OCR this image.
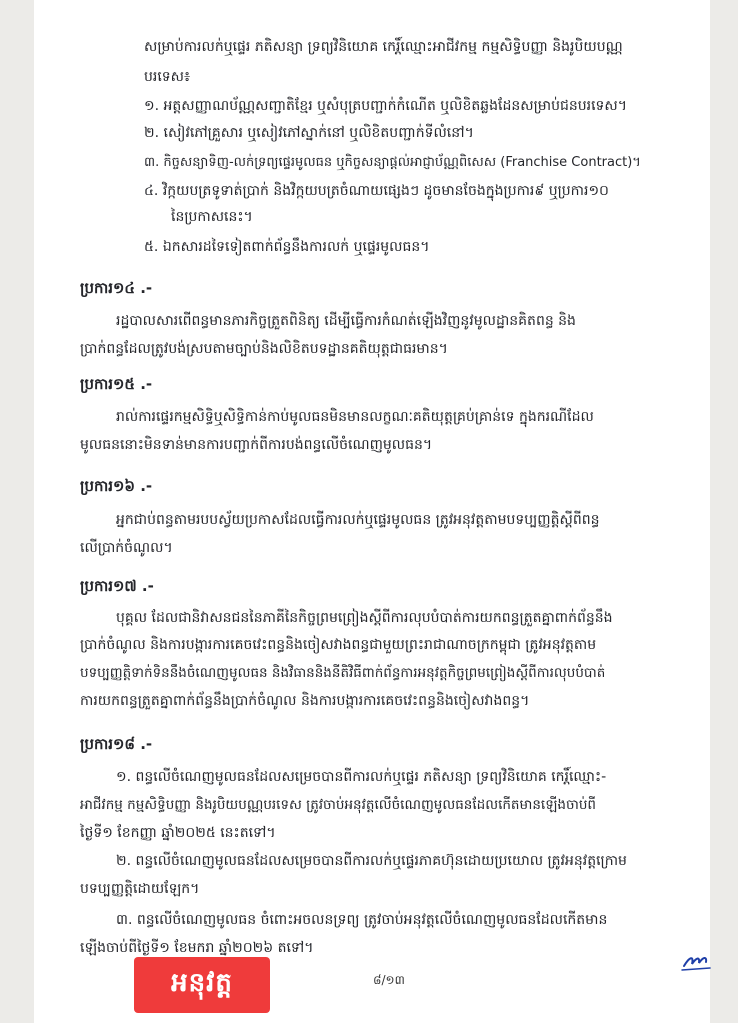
សម្រាប់ការលក់ឬផ្ទេរ ភតិសន្យា ទ្រព្យវិនិយោគ កេរ្តិ៍ឈ្មោះអាជីវកម្ម កម្មសិទ្ធិបញ្ញា និងរូបិយបណ្ណ
បរទេស៖
១. អត្តសញ្ញាណប័ណ្ណសញ្ជាតិខ្មែរ ឬសំបុត្របញ្ជាក់កំណើត ឬលិខិតឆ្លងដែនសម្រាប់ជនបរទេស។
២. សៀវភៅគ្រួសារ ឬសៀវភៅស្នាក់នៅ ឬលិខិតបញ្ជាក់ទីលំនៅ។
៣. កិច្ចសន្យាទិញ-លក់ទ្រព្យផ្ទេរមូលធន ឬកិច្ចសន្យាផ្ដល់អាជ្ញាប័ណ្ណពិសេស (Franchise Contract)។
៤. វិក្កយបត្រទូទាត់ប្រាក់ និងវិក្កយបត្រចំណាយផ្សេងៗ ដូចមានចែងក្នុងប្រការ៩ ឬប្រការ១០
នៃប្រកាសនេះ។
៥. ឯកសារដទៃទៀតពាក់ព័ន្ធនឹងការលក់ ឬផ្ទេរមូលធន។
ប្រការ១៤ .-
រដ្ឋបាលសារពើពន្ធមានភារកិច្ចត្រួតពិនិត្យ ដើម្បីធ្វើការកំណត់ឡើងវិញនូវមូលដ្ឋានគិតពន្ធ និង
ប្រាក់ពន្ធដែលត្រូវបង់ស្របតាមច្បាប់និងលិខិតបទដ្ឋានគតិយុត្តជាធរមាន។
ប្រការ១៥ .-
រាល់ការផ្ទេរកម្មសិទ្ធិឬសិទ្ធិកាន់កាប់មូលធនមិនមានលក្ខណៈគតិយុត្តគ្រប់គ្រាន់ទេ ក្នុងករណីដែល
មូលធននោះមិនទាន់មានការបញ្ជាក់ពីការបង់ពន្ធលើចំណេញមូលធន។
ប្រការ១៦ .-
អ្នកជាប់ពន្ធតាមរបបស្វ័យប្រកាសដែលធ្វើការលក់ឬផ្ទេរមូលធន ត្រូវអនុវត្តតាមបទប្បញ្ញត្តិស្ដីពីពន្ធ
លើប្រាក់ចំណូល។
ប្រការ១៧ .-
បុគ្គល ដែលជានិវាសនជននៃភាគីនៃកិច្ចព្រមព្រៀងស្ដីពីការលុបបំបាត់ការយកពន្ធត្រួតគ្នាពាក់ព័ន្ធនឹង
ប្រាក់ចំណូល និងការបង្ការការគេចវេះពន្ធនិងចៀសវាងពន្ធជាមួយព្រះរាជាណាចក្រកម្ពុជា ត្រូវអនុវត្តតាម
បទប្បញ្ញត្តិទាក់ទិននឹងចំណេញមូលធន និងវិធាននិងនីតិវិធីពាក់ព័ន្ធការអនុវត្តកិច្ចព្រមព្រៀងស្ដីពីការលុបបំបាត់
ការយកពន្ធត្រួតគ្នាពាក់ព័ន្ធនឹងប្រាក់ចំណូល និងការបង្ការការគេចវេះពន្ធនិងចៀសវាងពន្ធ។
ប្រការ១៨ .-
១. ពន្ធលើចំណេញមូលធនដែលសម្រេចបានពីការលក់ឬផ្ទេរ ភតិសន្យា ទ្រព្យវិនិយោគ កេរ្តិ៍ឈ្មោះ-
អាជីវកម្ម កម្មសិទ្ធិបញ្ញា និងរូបិយបណ្ណបរទេស ត្រូវចាប់អនុវត្តលើចំណេញមូលធនដែលកើតមានឡើងចាប់ពី
ថ្ងៃទី១ ខែកញ្ញា ឆ្នាំ២០២៥ នេះតទៅ។
២. ពន្ធលើចំណេញមូលធនដែលសម្រេចបានពីការលក់ឬផ្ទេរភាគហ៊ុនដោយប្រយោល ត្រូវអនុវត្តក្រោម
បទប្បញ្ញត្តិដោយឡែក។
៣. ពន្ធលើចំណេញមូលធន ចំពោះអចលនទ្រព្យ ត្រូវចាប់អនុវត្តលើចំណេញមូលធនដែលកើតមាន
ឡើងចាប់ពីថ្ងៃទី១ ខែមករា ឆ្នាំ២០២៦ តទៅ។
៨/១៣
អនុវត្ត
